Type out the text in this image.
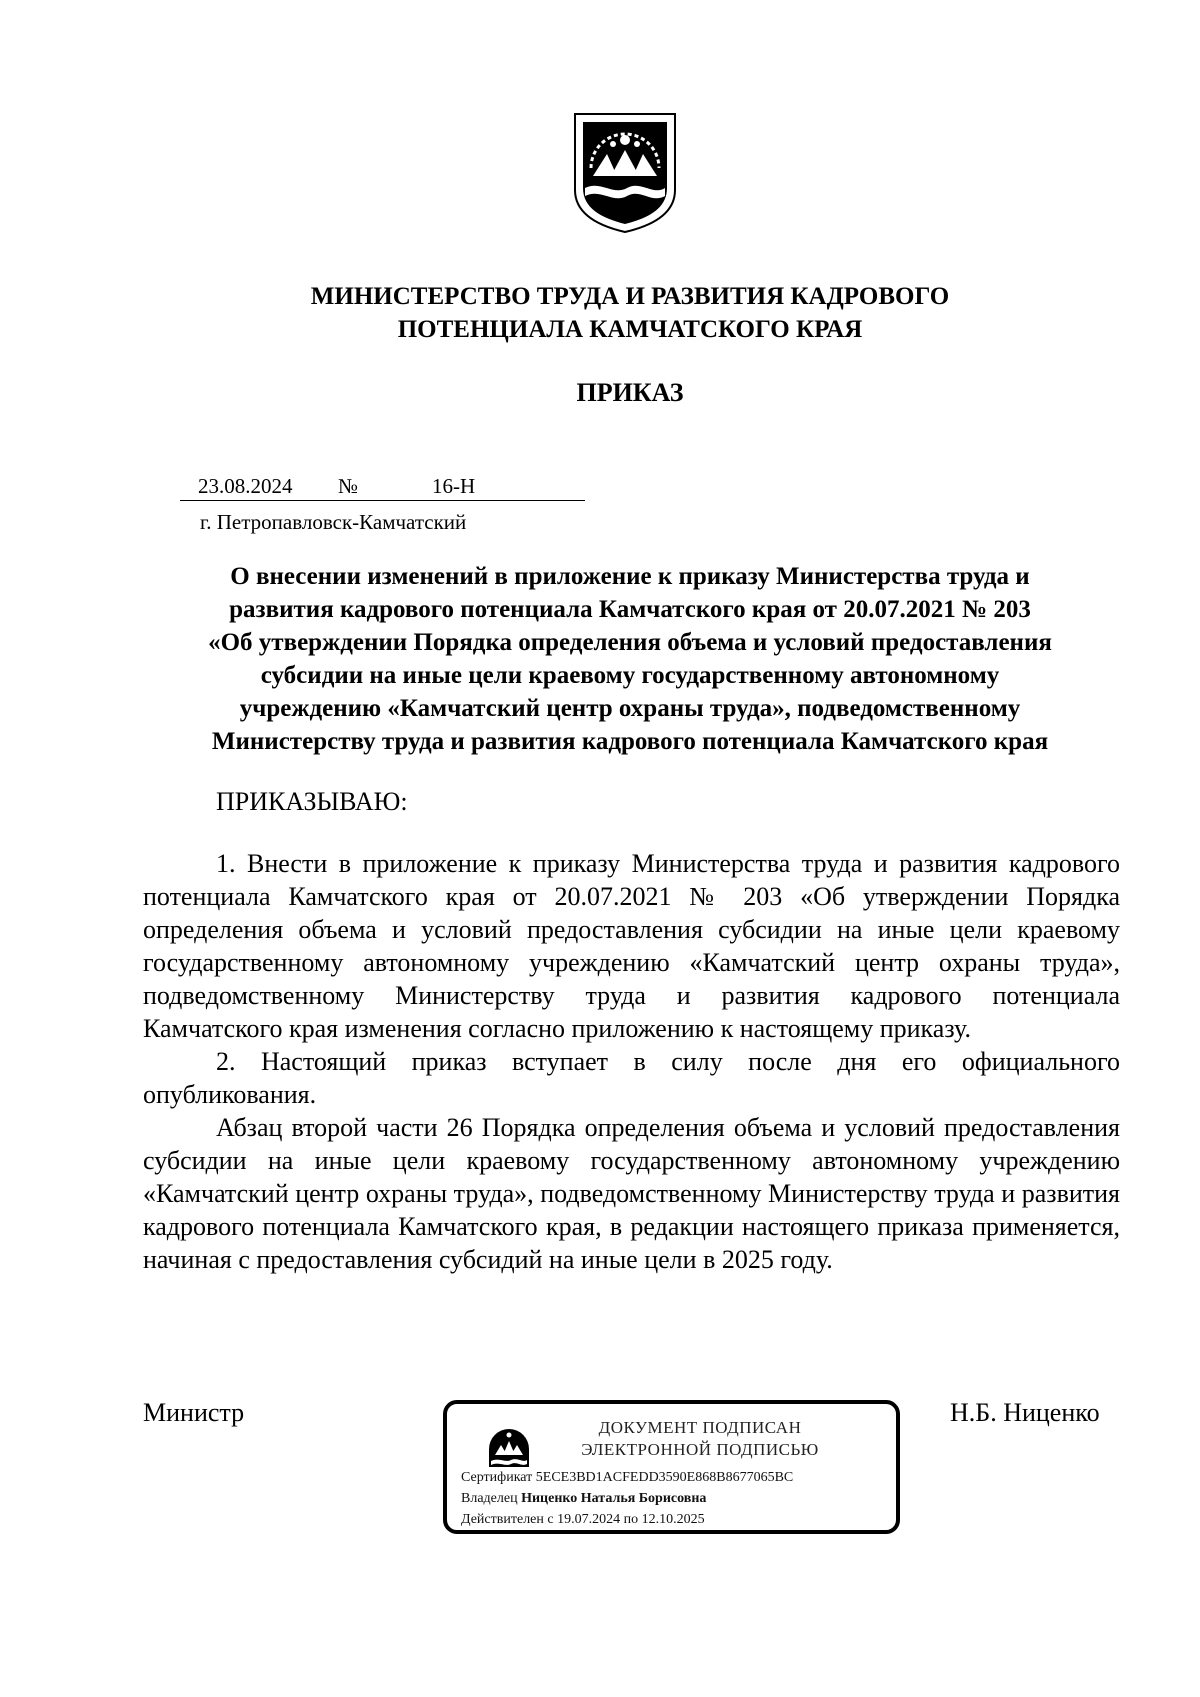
МИНИСТЕРСТВО ТРУДА И РАЗВИТИЯ КАДРОВОГО
ПОТЕНЦИАЛА КАМЧАТСКОГО КРАЯ
ПРИКАЗ
23.08.2024 №	16-Н
г. Петропавловск-Камчатский
О внесении изменений в приложение к приказу Министерства труда и
развития кадрового потенциала Камчатского края от 20.07.2021 № 203
«Об утверждении Порядка определения объема и условий предоставления
субсидии на иные цели краевому государственному автономному
учреждению «Камчатский центр охраны труда», подведомственному
Министерству труда и развития кадрового потенциала Камчатского края
ПРИКАЗЫВАЮ:

1. Внести в приложение к приказу Министерства труда и развития кадрового потенциала Камчатского края от 20.07.2021 № 203 «Об утверждении Порядка определения объема и условий предоставления субсидии на иные цели краевому государственному автономному учреждению «Камчатский центр охраны труда», подведомственному Министерству труда и развития кадрового потенциала Камчатского края изменения согласно приложению к настоящему приказу.

2. Настоящий приказ вступает в силу после дня его официального опубликования.

Абзац второй части 26 Порядка определения объема и условий предоставления субсидии на иные цели краевому государственному автономному учреждению «Камчатский центр охраны труда», подведомственному Министерству труда и развития кадрового потенциала Камчатского края, в редакции настоящего приказа применяется, начиная с предоставления субсидий на иные цели в 2025 году.

Министр	Н.Б. Ниценко
ДОКУМЕНТ ПОДПИСАН
ЭЛЕКТРОННОЙ ПОДПИСЬЮ
Сертификат 5ECE3BD1ACFEDD3590E868B8677065BC
Владелец Ниценко Наталья Борисовна
Действителен с 19.07.2024 по 12.10.2025
